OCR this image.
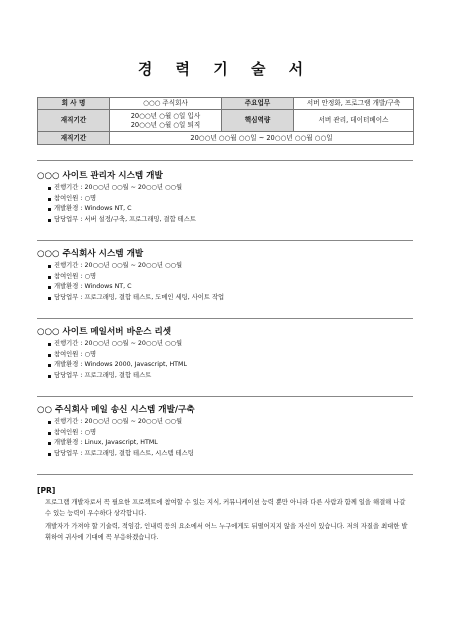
경 력 기 술 서
회 사 명	○○○ 주식회사	주요업무	서버 안정화, 프로그램 개발/구축
재직기간	20○○년 ○월 ○일 입사
20○○년 ○월 ○일 퇴직	핵심역량	서버 관리, 데이터베이스
재직기간	20○○년 ○○월 ○○일 ~ 20○○년 ○○월 ○○일		
○○○ 사이트 관리자 시스템 개발
진행기간 : 20○○년 ○○월 ~ 20○○년 ○○월
참여인원 : ○명
개발환경 : Windows NT, C
담당업무 : 서버 설정/구축, 프로그래밍, 결합 테스트
○○○ 주식회사 시스템 개발
진행기간 : 20○○년 ○○월 ~ 20○○년 ○○월
참여인원 : ○명
개발환경 : Windows NT, C
담당업무 : 프로그래밍, 결합 테스트, 도메인 세팅, 사이트 작업
○○○ 사이트 메일서버 바운스 리셋
진행기간 : 20○○년 ○○월 ~ 20○○년 ○○월
참여인원 : ○명
개발환경 : Windows 2000, Javascript, HTML
담당업무 : 프로그래밍, 결합 테스트
○○ 주식회사 메일 송신 시스템 개발/구축
진행기간 : 20○○년 ○○월 ~ 20○○년 ○○월
참여인원 : ○명
개발환경 : Linux, Javascript, HTML
담당업무 : 프로그래밍, 결합 테스트, 시스템 테스팅
[PR]

프로그램 개발자로서 꼭 필요한 프로젝트에 참여할 수 있는 지식, 커뮤니케이션 능력 뿐만 아니라 다른 사람과 함께 일을 해결해 나갈 수 있는 능력이 우수하다 상각합니다.

개발자가 가져야 할 기술력, 적임감, 인내력 등의 요소에서 어느 누구에게도 뒤떨어지지 않을 자신이 있습니다. 저의 자질을 최대한 발휘하여 귀사에 기대에 꼭 부응하겠습니다.
